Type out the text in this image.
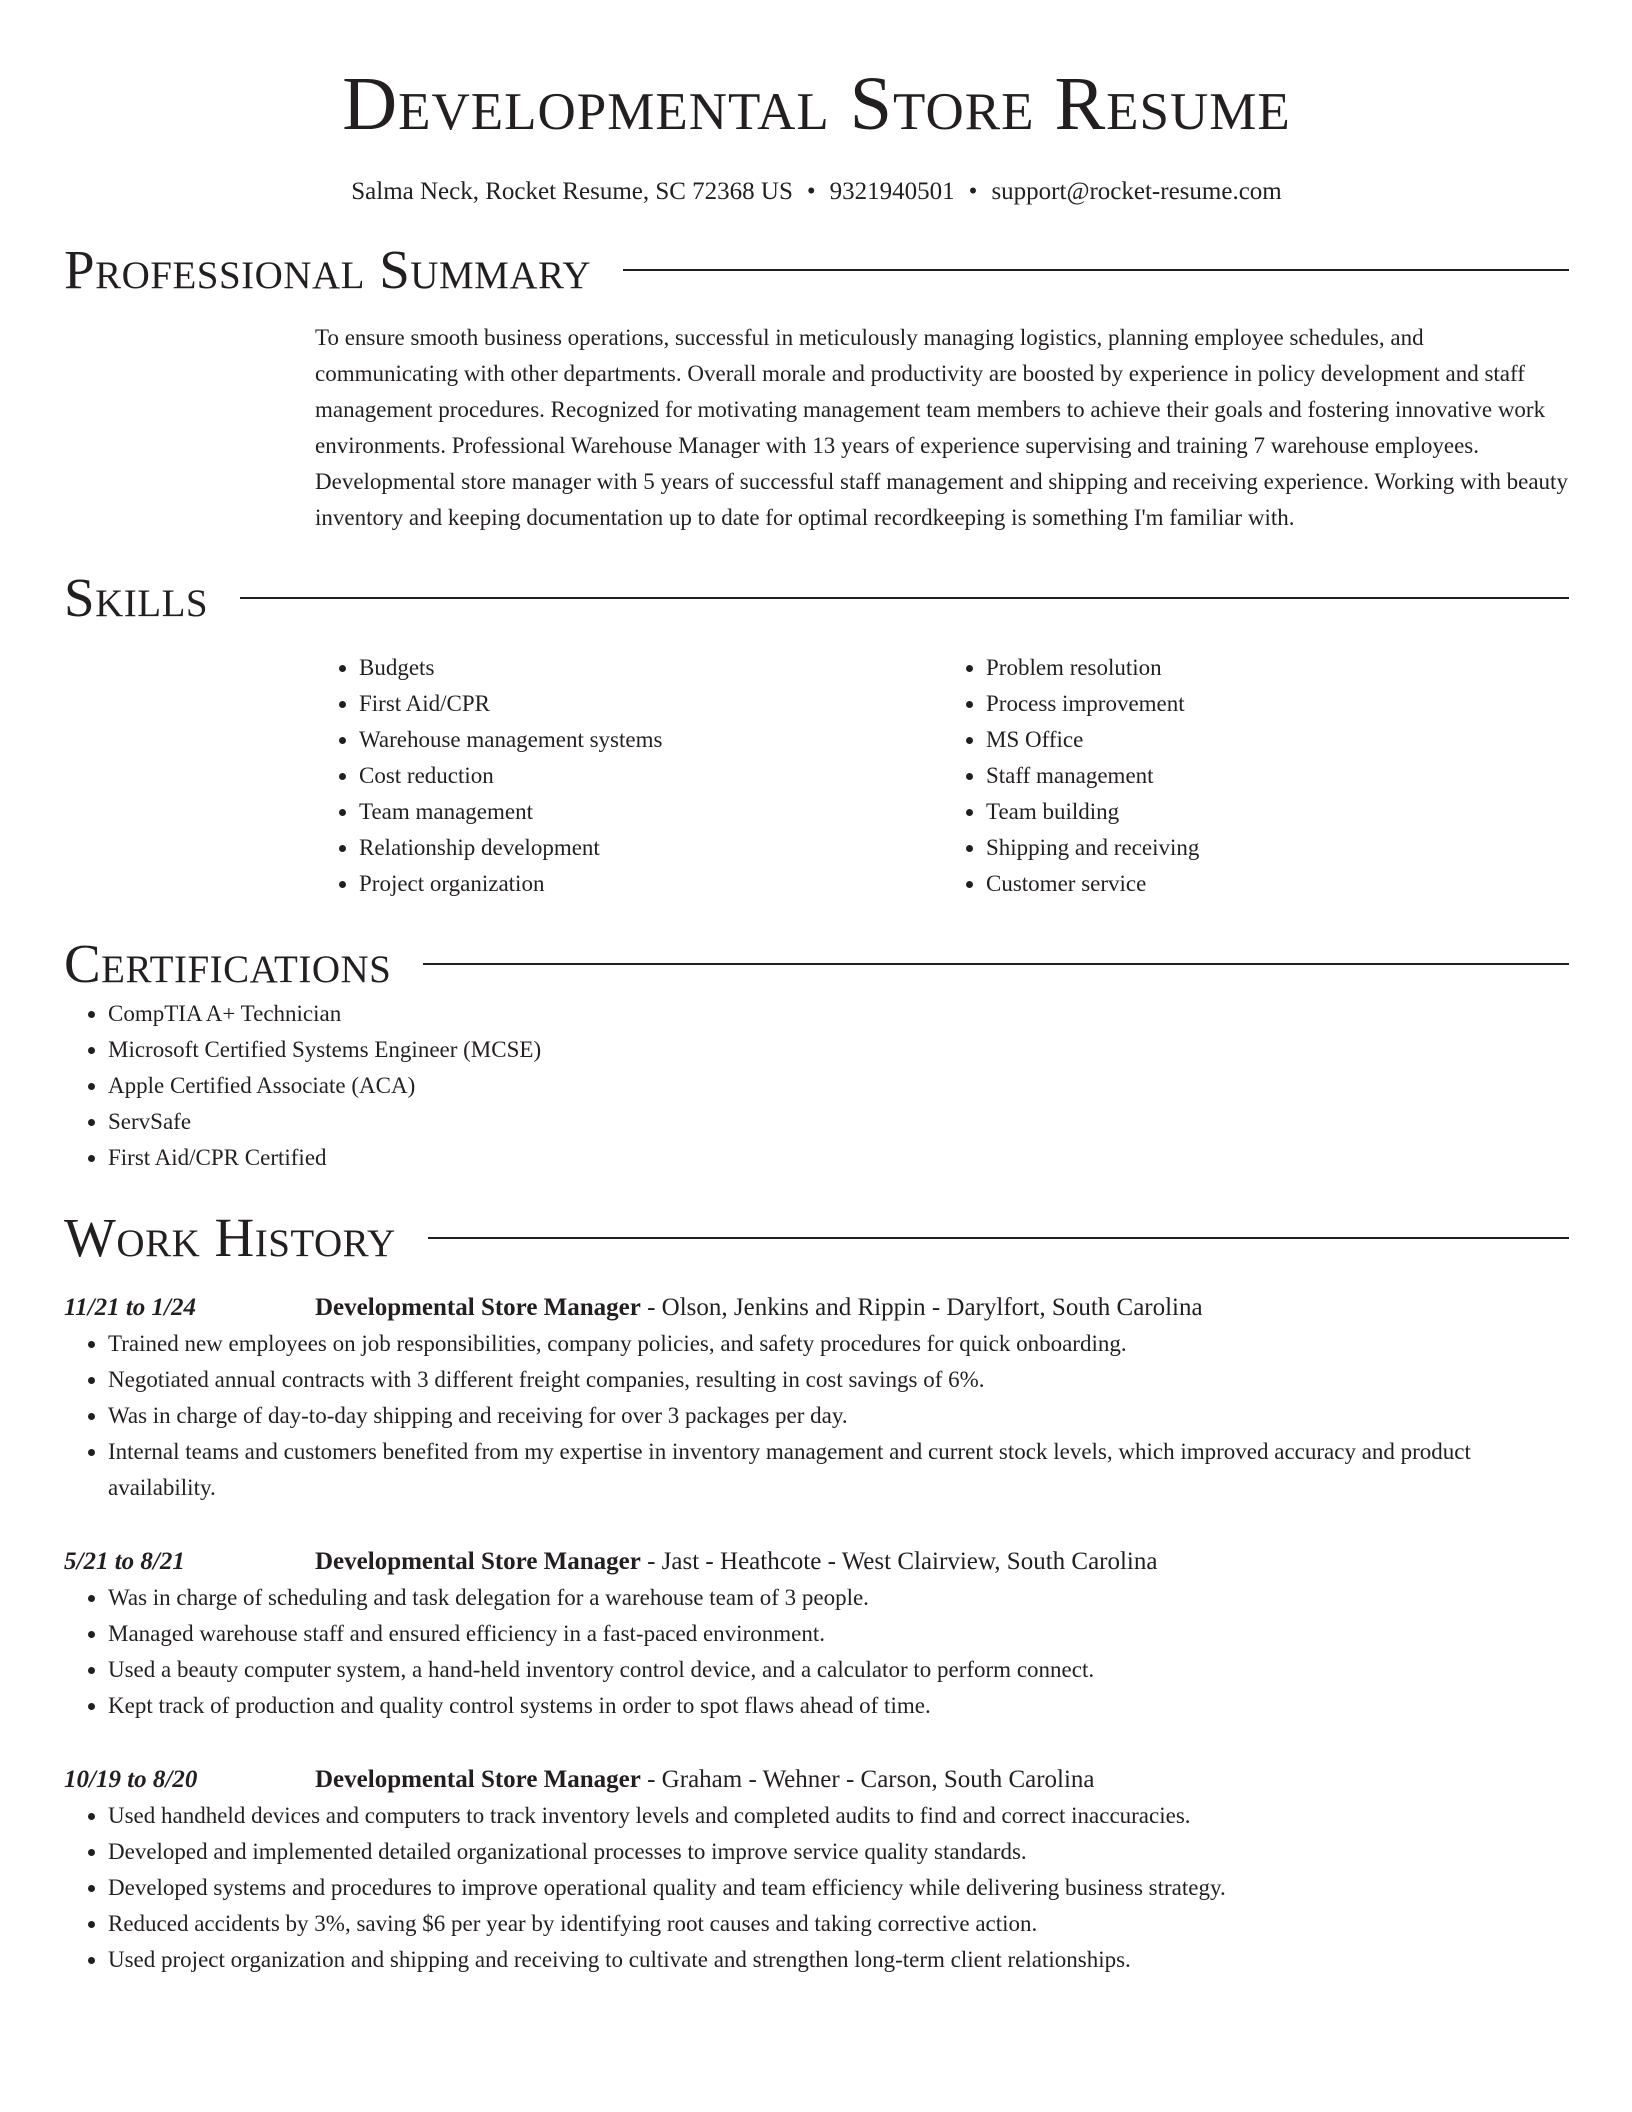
Developmental Store Resume
Salma Neck, Rocket Resume, SC 72368 US • 9321940501 • support@rocket-resume.com
Professional Summary
To ensure smooth business operations, successful in meticulously managing logistics, planning employee schedules, and communicating with other departments. Overall morale and productivity are boosted by experience in policy development and staff management procedures. Recognized for motivating management team members to achieve their goals and fostering innovative work environments. Professional Warehouse Manager with 13 years of experience supervising and training 7 warehouse employees. Developmental store manager with 5 years of successful staff management and shipping and receiving experience. Working with beauty inventory and keeping documentation up to date for optimal recordkeeping is something I'm familiar with.
Skills
• Budgets
• First Aid/CPR
• Warehouse management systems
• Cost reduction
• Team management
• Relationship development
• Project organization
• Problem resolution
• Process improvement
• MS Office
• Staff management
• Team building
• Shipping and receiving
• Customer service
Certifications
• CompTIA A+ Technician
• Microsoft Certified Systems Engineer (MCSE)
• Apple Certified Associate (ACA)
• ServSafe
• First Aid/CPR Certified
Work History
11/21 to 1/24	Developmental Store Manager - Olson, Jenkins and Rippin - Darylfort, South Carolina
• Trained new employees on job responsibilities, company policies, and safety procedures for quick onboarding.
• Negotiated annual contracts with 3 different freight companies, resulting in cost savings of 6%.
• Was in charge of day-to-day shipping and receiving for over 3 packages per day.
• Internal teams and customers benefited from my expertise in inventory management and current stock levels, which improved accuracy and product availability.
5/21 to 8/21	Developmental Store Manager - Jast - Heathcote - West Clairview, South Carolina
• Was in charge of scheduling and task delegation for a warehouse team of 3 people.
• Managed warehouse staff and ensured efficiency in a fast-paced environment.
• Used a beauty computer system, a hand-held inventory control device, and a calculator to perform connect.
• Kept track of production and quality control systems in order to spot flaws ahead of time.
10/19 to 8/20	Developmental Store Manager - Graham - Wehner - Carson, South Carolina
• Used handheld devices and computers to track inventory levels and completed audits to find and correct inaccuracies.
• Developed and implemented detailed organizational processes to improve service quality standards.
• Developed systems and procedures to improve operational quality and team efficiency while delivering business strategy.
• Reduced accidents by 3%, saving $6 per year by identifying root causes and taking corrective action.
• Used project organization and shipping and receiving to cultivate and strengthen long-term client relationships.
